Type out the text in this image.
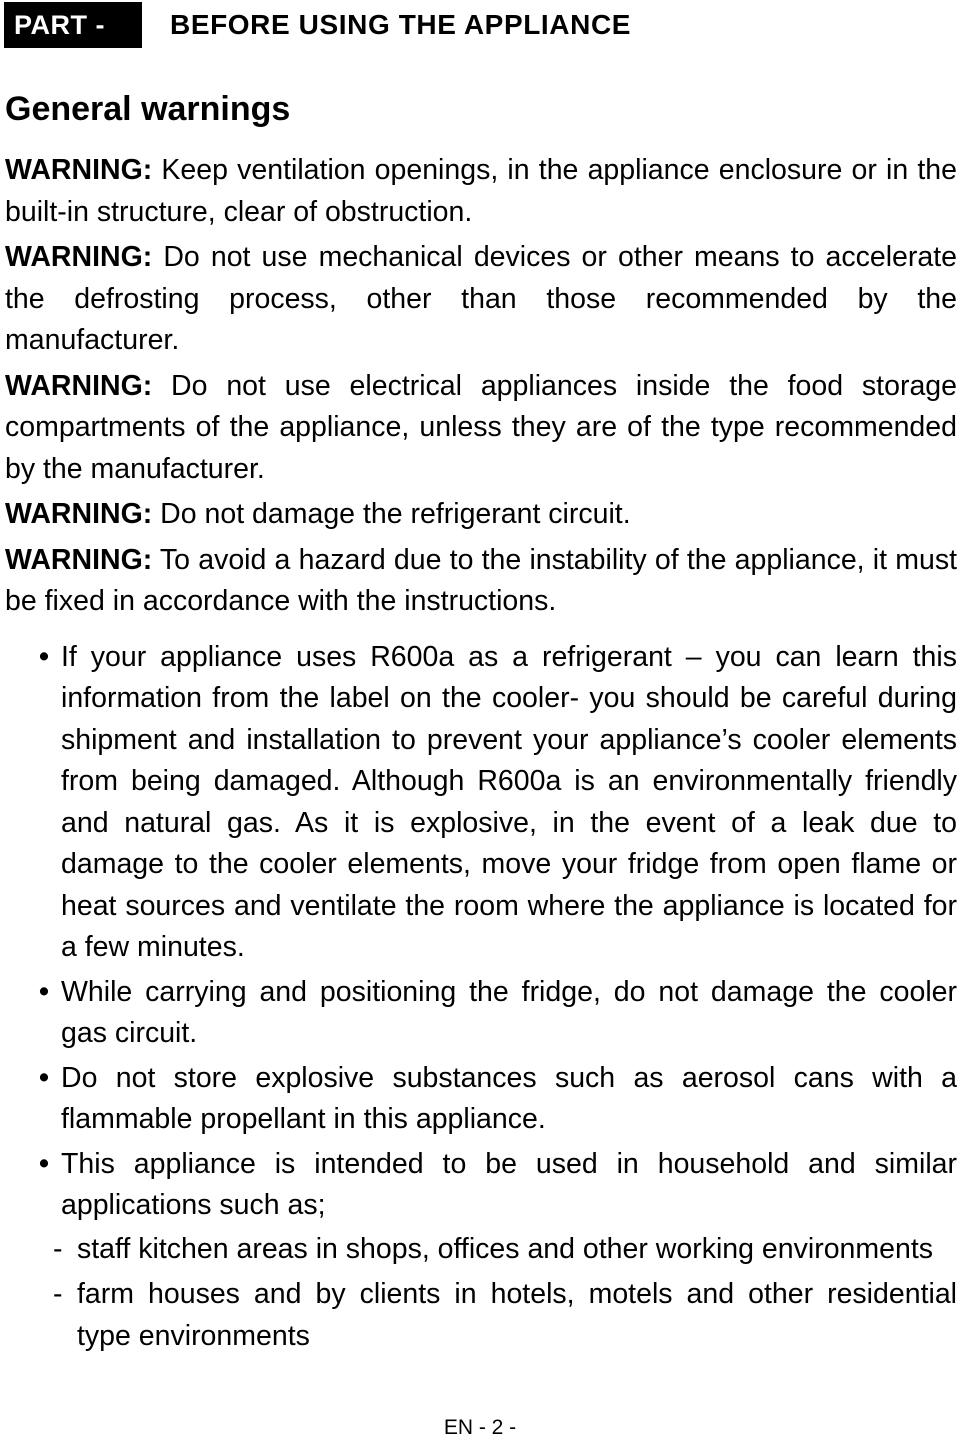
PART - 1.
BEFORE USING THE APPLIANCE
General warnings

WARNING: Keep ventilation openings, in the appliance enclosure or in the built-in structure, clear of obstruction.

WARNING: Do not use mechanical devices or other means to accelerate the defrosting process, other than those recommended by the manufacturer.

WARNING: Do not use electrical appliances inside the food storage compartments of the appliance, unless they are of the type recommended by the manufacturer.

WARNING: Do not damage the refrigerant circuit.

WARNING: To avoid a hazard due to the instability of the appliance, it must be fixed in accordance with the instructions.

• If your appliance uses R600a as a refrigerant – you can learn this information from the label on the cooler- you should be careful during shipment and installation to prevent your appliance’s cooler elements from being damaged. Although R600a is an environmentally friendly and natural gas. As it is explosive, in the event of a leak due to damage to the cooler elements, move your fridge from open flame or heat sources and ventilate the room where the appliance is located for a few minutes.
• While carrying and positioning the fridge, do not damage the cooler gas circuit.
• Do not store explosive substances such as aerosol cans with a flammable propellant in this appliance.
• This appliance is intended to be used in household and similar applications such as;
- staff kitchen areas in shops, offices and other working environments
- farm houses and by clients in hotels, motels and other residential type environments
EN - 2 -
